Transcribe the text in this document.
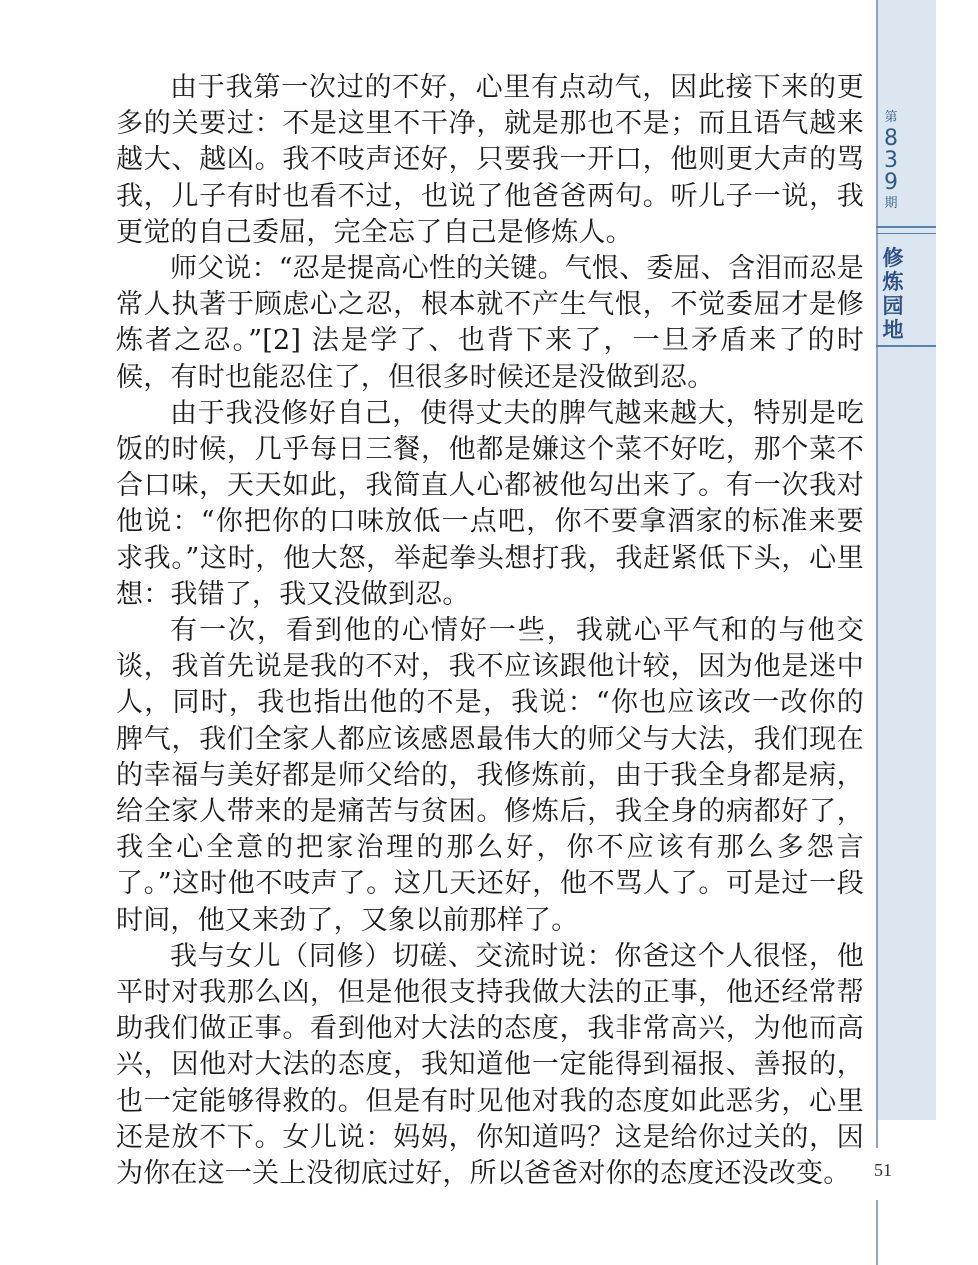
第
8
3
9
期
修
炼
园
地

由于我第一次过的不好，心里有点动气，因此接下来的更多的关要过：不是这里不干净，就是那也不是；而且语气越来越大、越凶。我不吱声还好，只要我一开口，他则更大声的骂我，儿子有时也看不过，也说了他爸爸两句。听儿子一说，我更觉的自己委屈，完全忘了自己是修炼人。

师父说：“忍是提高心性的关键。气恨、委屈、含泪而忍是常人执著于顾虑心之忍，根本就不产生气恨，不觉委屈才是修炼者之忍。”[2] 法是学了、也背下来了，一旦矛盾来了的时候，有时也能忍住了，但很多时候还是没做到忍。

由于我没修好自己，使得丈夫的脾气越来越大，特别是吃饭的时候，几乎每日三餐，他都是嫌这个菜不好吃，那个菜不合口味，天天如此，我简直人心都被他勾出来了。有一次我对他说：“你把你的口味放低一点吧，你不要拿酒家的标准来要求我。”这时，他大怒，举起拳头想打我，我赶紧低下头，心里想：我错了，我又没做到忍。

有一次，看到他的心情好一些，我就心平气和的与他交谈，我首先说是我的不对，我不应该跟他计较，因为他是迷中人，同时，我也指出他的不是，我说：“你也应该改一改你的脾气，我们全家人都应该感恩最伟大的师父与大法，我们现在的幸福与美好都是师父给的，我修炼前，由于我全身都是病，给全家人带来的是痛苦与贫困。修炼后，我全身的病都好了，我全心全意的把家治理的那么好，你不应该有那么多怨言了。”这时他不吱声了。这几天还好，他不骂人了。可是过一段时间，他又来劲了，又象以前那样了。

我与女儿（同修）切磋、交流时说：你爸这个人很怪，他平时对我那么凶，但是他很支持我做大法的正事，他还经常帮助我们做正事。看到他对大法的态度，我非常高兴，为他而高兴，因他对大法的态度，我知道他一定能得到福报、善报的，也一定能够得救的。但是有时见他对我的态度如此恶劣，心里还是放不下。女儿说：妈妈，你知道吗？这是给你过关的，因为你在这一关上没彻底过好，所以爸爸对你的态度还没改变。	51
